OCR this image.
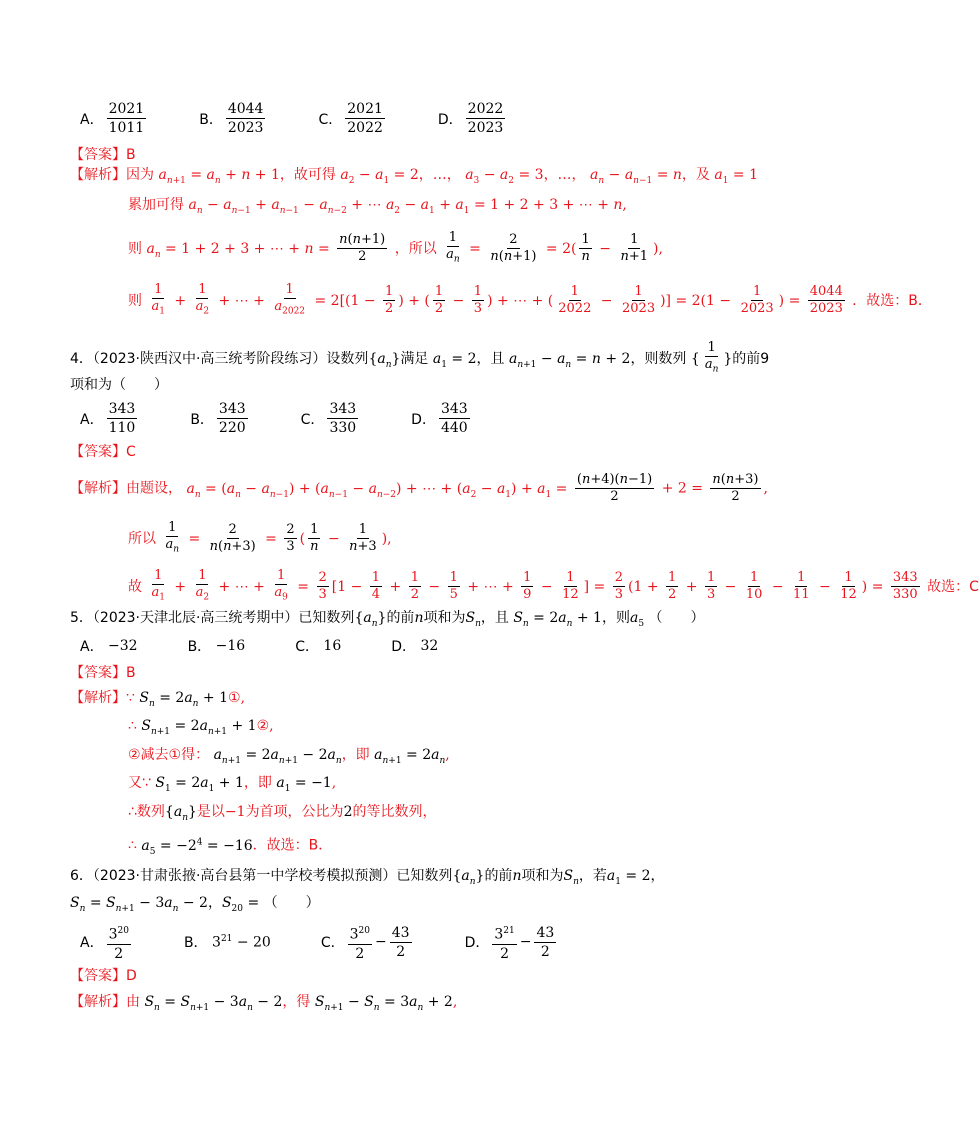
A． $\frac{2021}{1011}$	B． $\frac{4044}{2023}$	C． $\frac{2021}{2022}$	D． $\frac{2022}{2023}$
【答案】B
【解析】因为 $a_{n+1} = a_n + n + 1$，故可得 $a_2 - a_1 = 2$，…， $a_3 - a_2 = 3$，…， $a_n - a_{n-1} = n$，及 $a_1 = 1$
累加可得 $a_n - a_{n-1} + a_{n-1} - a_{n-2}$ + ⋯ $a_2 - a_1 + a_1 = 1 + 2 + 3$ + ⋯ + n,
则 $a_n = 1 + 2 + 3$ + ⋯ + $n = \frac{n(n+1)}{2}$ ，所以 $\frac{1}{a_n} = \frac{2}{n(n+1)} = 2( \frac{1}{n} - \frac{1}{n+1}$ ),
则 $\frac{1}{a_1} + \frac{1}{a_2}$ + ⋯ + $\frac{1}{a_{2022}} = 2[(1 - \frac{1}{2}$ ) + ( $\frac{1}{2} - \frac{1}{3}$ ) + ⋯ + ( $\frac{1}{2022} - \frac{1}{2023}$ )] = $2(1 - \frac{1}{2023}$ ) = $\frac{4044}{2023}$ ．故选：B．
4．（2023·陕西汉中·高三统考阶段练习）设数列$\{a_n\}$满足 $a_1 = 2$，且 $a_{n+1} - a_n = n + 2$，则数列 { $\frac{1}{a_n}$ }的前9
项和为（　　）
A． $\frac{343}{110}$	B． $\frac{343}{220}$	C． $\frac{343}{330}$	D． $\frac{343}{440}$
【答案】C
【解析】由题设， $a_n = (a_n - a_{n-1}) + (a_{n-1} - a_{n-2})$ + ⋯ + $(a_2 - a_1) + a_1 = \frac{(n+4)(n-1)}{2} + 2 = \frac{n(n+3)}{2}$ ,
所以 $\frac{1}{a_n} = \frac{2}{n(n+3)} = \frac{2}{3}$ ( $\frac{1}{n} - \frac{1}{n+3}$ ),
故 $\frac{1}{a_1} + \frac{1}{a_2}$ + ⋯ + $\frac{1}{a_9} = \frac{2}{3} [1 - \frac{1}{4} + \frac{1}{2} - \frac{1}{5}$ + ⋯ + $\frac{1}{9} - \frac{1}{12}$ ] = $\frac{2}{3} (1 + \frac{1}{2} + \frac{1}{3} - \frac{1}{10} - \frac{1}{11} - \frac{1}{12}$ ) = $\frac{343}{330}$ 故选：C
5．（2023·天津北辰·高三统考期中）已知数列$\{a_n\}$的前n项和为$S_n$，且 $S_n = 2a_n + 1$，则$a_5$ （　　）
A．
−32	B．
−16	C．
16	D．
32
【答案】B
【解析】∵ $S_n = 2a_n$ + 1①,
∴ $S_{n+1} = 2a_{n+1}$ + 1②,
②减去①得： $a_{n+1} = 2a_{n+1} - 2a_n$，即 $a_{n+1} = 2a_n$,
又∵ $S_1 = 2a_1 + 1$，即 $a_1 = -1$,
∴数列$\{a_n\}$是以−1为首项，公比为2的等比数列，
∴ $a_5 = -2^4 = -16$．故选：B．
6．（2023·甘肃张掖·高台县第一中学校考模拟预测）已知数列$\{a_n\}$的前n项和为$S_n$，若$a_1 = 2$，
$S_n = S_{n+1} - 3a_n - 2$，$S_{20}$ = （　　）
A． $\frac{3^{20}}{2}$	B．
$3^{21} - 20$	C． $\frac{3^{20}}{2} - \frac{43}{2}$	D． $\frac{3^{21}}{2} - \frac{43}{2}$
【答案】D
【解析】由 $S_n = S_{n+1} - 3a_n - 2$，得 $S_{n+1} - S_n = 3a_n + 2$,
